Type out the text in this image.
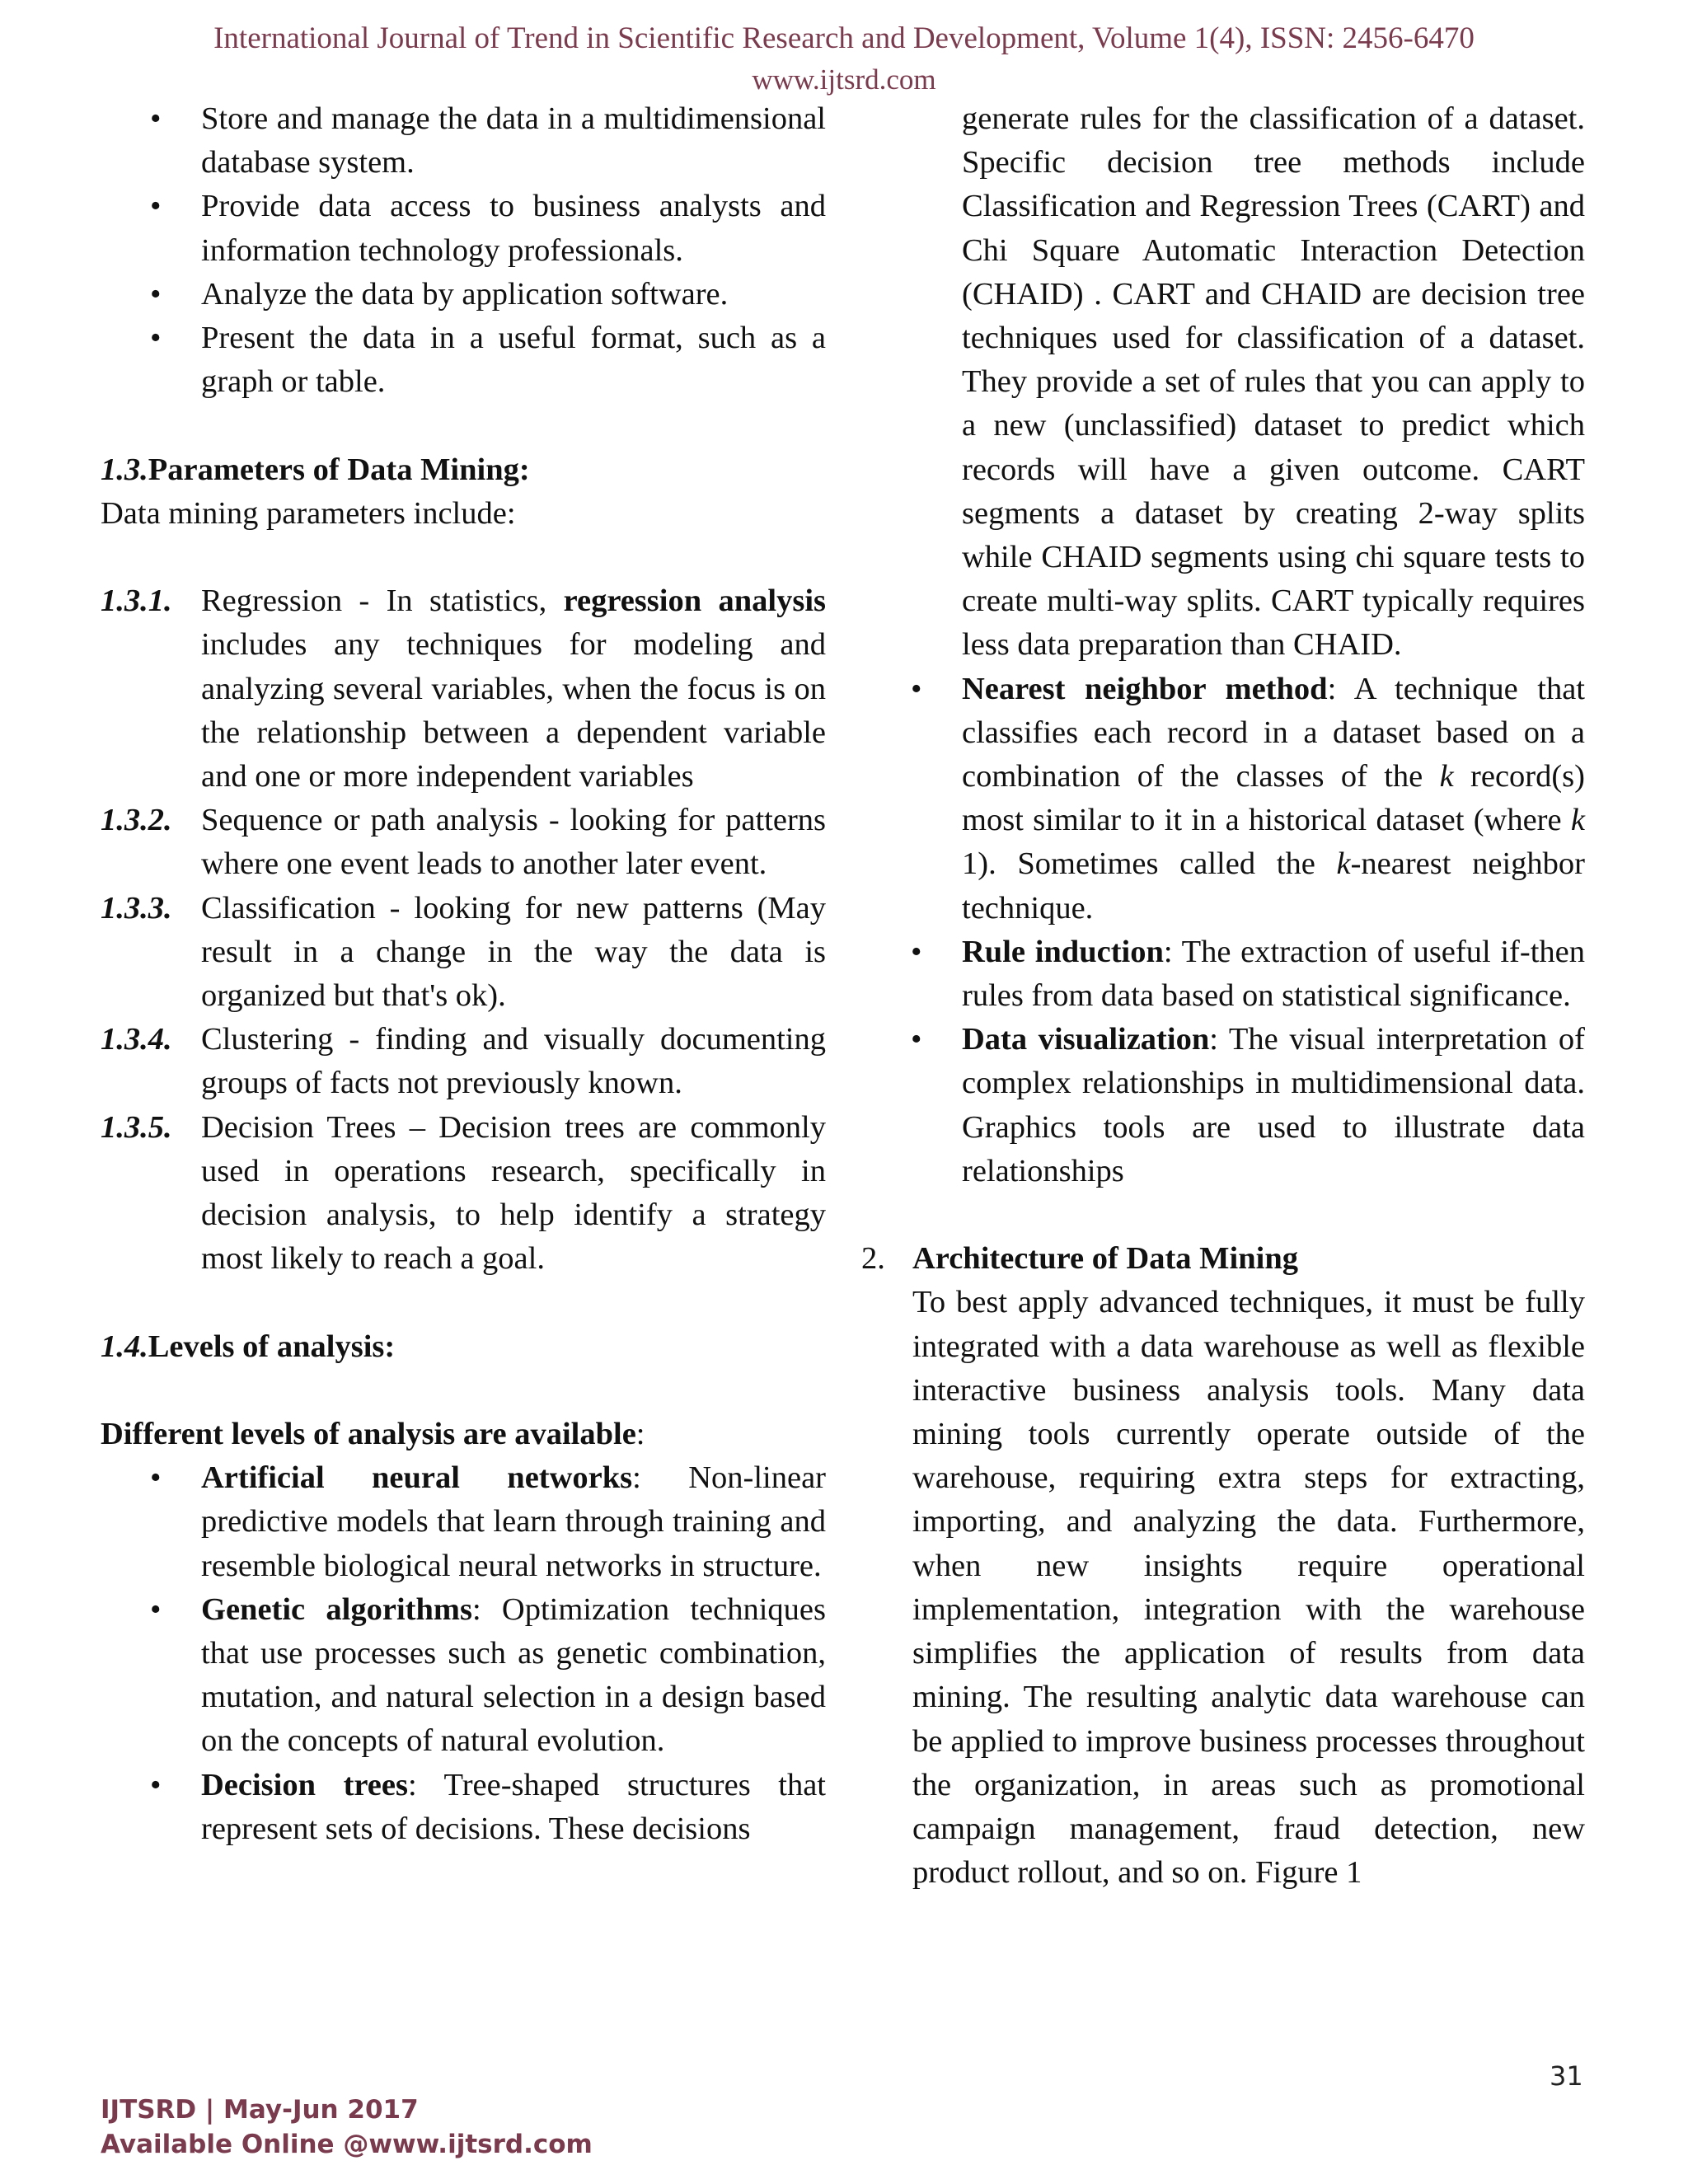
International Journal of Trend in Scientific Research and Development, Volume 1(4), ISSN: 2456-6470
www.ijtsrd.com
• Store and manage the data in a multidimensional database system.
• Provide data access to business analysts and information technology professionals.
• Analyze the data by application software.
• Present the data in a useful format, such as a graph or table.

1.3.Parameters of Data Mining:

Data mining parameters include:

1.3.1. Regression - In statistics, regression analysis includes any techniques for modeling and analyzing several variables, when the focus is on the relationship between a dependent variable and one or more independent variables
1.3.2. Sequence or path analysis - looking for patterns where one event leads to another later event.
1.3.3. Classification - looking for new patterns (May result in a change in the way the data is organized but that's ok).
1.3.4. Clustering - finding and visually documenting groups of facts not previously known.
1.3.5. Decision Trees – Decision trees are commonly used in operations research, specifically in decision analysis, to help identify a strategy most likely to reach a goal.

1.4.Levels of analysis:

Different levels of analysis are available:

• Artificial neural networks: Non-linear predictive models that learn through training and resemble biological neural networks in structure.
• Genetic algorithms: Optimization techniques that use processes such as genetic combination, mutation, and natural selection in a design based on the concepts of natural evolution.
• Decision trees: Tree-shaped structures that represent sets of decisions. These decisions

generate rules for the classification of a dataset. Specific decision tree methods include Classification and Regression Trees (CART) and Chi Square Automatic Interaction Detection (CHAID) . CART and CHAID are decision tree techniques used for classification of a dataset. They provide a set of rules that you can apply to a new (unclassified) dataset to predict which records will have a given outcome. CART segments a dataset by creating 2-way splits while CHAID segments using chi square tests to create multi-way splits. CART typically requires less data preparation than CHAID.

• Nearest neighbor method: A technique that classifies each record in a dataset based on a combination of the classes of the k record(s) most similar to it in a historical dataset (where k 1). Sometimes called the k-nearest neighbor technique.
• Rule induction: The extraction of useful if-then rules from data based on statistical significance.
• Data visualization: The visual interpretation of complex relationships in multidimensional data. Graphics tools are used to illustrate data relationships
2. Architecture of Data Mining

To best apply advanced techniques, it must be fully integrated with a data warehouse as well as flexible interactive business analysis tools. Many data mining tools currently operate outside of the warehouse, requiring extra steps for extracting, importing, and analyzing the data. Furthermore, when new insights require operational implementation, integration with the warehouse simplifies the application of results from data mining. The resulting analytic data warehouse can be applied to improve business processes throughout the organization, in areas such as promotional campaign management, fraud detection, new product rollout, and so on. Figure 1

31
IJTSRD | May-Jun 2017
Available Online @www.ijtsrd.com
